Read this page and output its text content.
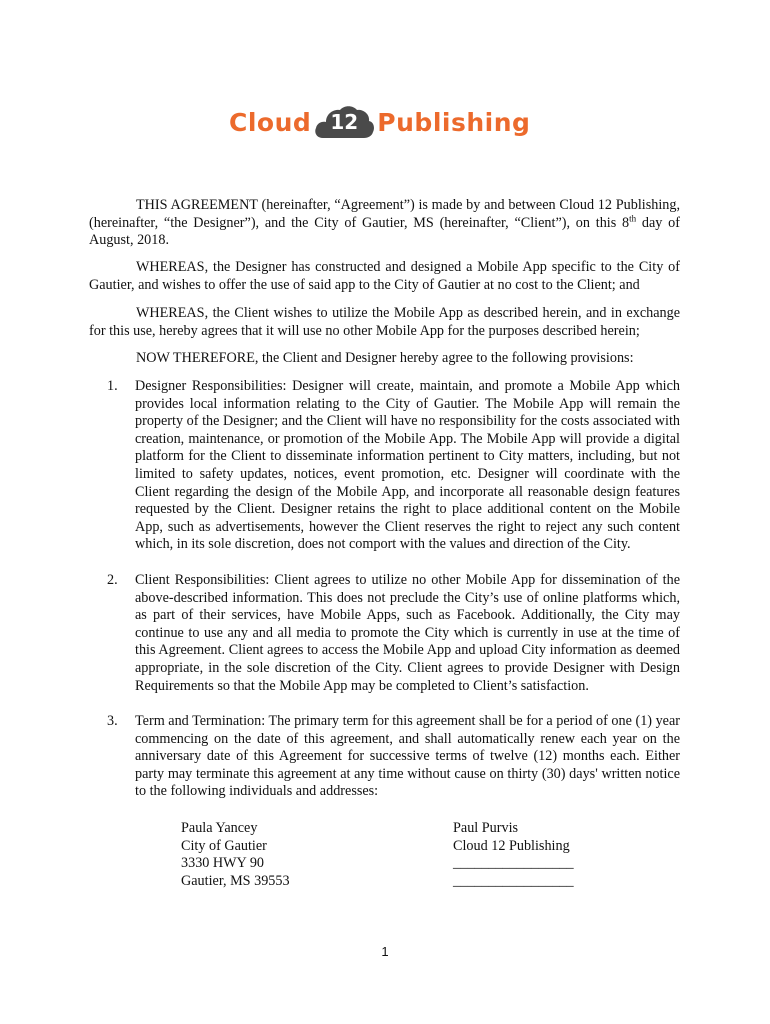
Cloud 12 Publishing

THIS AGREEMENT (hereinafter, “Agreement”) is made by and between Cloud 12 Publishing, (hereinafter, “the Designer”), and the City of Gautier, MS (hereinafter, “Client”), on this 8th day of August, 2018.

WHEREAS, the Designer has constructed and designed a Mobile App specific to the City of Gautier, and wishes to offer the use of said app to the City of Gautier at no cost to the Client; and

WHEREAS, the Client wishes to utilize the Mobile App as described herein, and in exchange for this use, hereby agrees that it will use no other Mobile App for the purposes described herein;

NOW THEREFORE, the Client and Designer hereby agree to the following provisions:

1.	Designer Responsibilities: Designer will create, maintain, and promote a Mobile App which provides local information relating to the City of Gautier. The Mobile App will remain the property of the Designer; and the Client will have no responsibility for the costs associated with creation, maintenance, or promotion of the Mobile App. The Mobile App will provide a digital platform for the Client to disseminate information pertinent to City matters, including, but not limited to safety updates, notices, event promotion, etc. Designer will coordinate with the Client regarding the design of the Mobile App, and incorporate all reasonable design features requested by the Client. Designer retains the right to place additional content on the Mobile App, such as advertisements, however the Client reserves the right to reject any such content which, in its sole discretion, does not comport with the values and direction of the City.

2.	Client Responsibilities: Client agrees to utilize no other Mobile App for dissemination of the above-described information. This does not preclude the City’s use of online platforms which, as part of their services, have Mobile Apps, such as Facebook. Additionally, the City may continue to use any and all media to promote the City which is currently in use at the time of this Agreement. Client agrees to access the Mobile App and upload City information as deemed appropriate, in the sole discretion of the City. Client agrees to provide Designer with Design Requirements so that the Mobile App may be completed to Client’s satisfaction.

3.	Term and Termination: The primary term for this agreement shall be for a period of one (1) year commencing on the date of this agreement, and shall automatically renew each year on the anniversary date of this Agreement for successive terms of twelve (12) months each. Either party may terminate this agreement at any time without cause on thirty (30) days' written notice to the following individuals and addresses:

Paula Yancey
City of Gautier
3330 HWY 90
Gautier, MS 39553
Paul Purvis
Cloud 12 Publishing
_________________
_________________
1
